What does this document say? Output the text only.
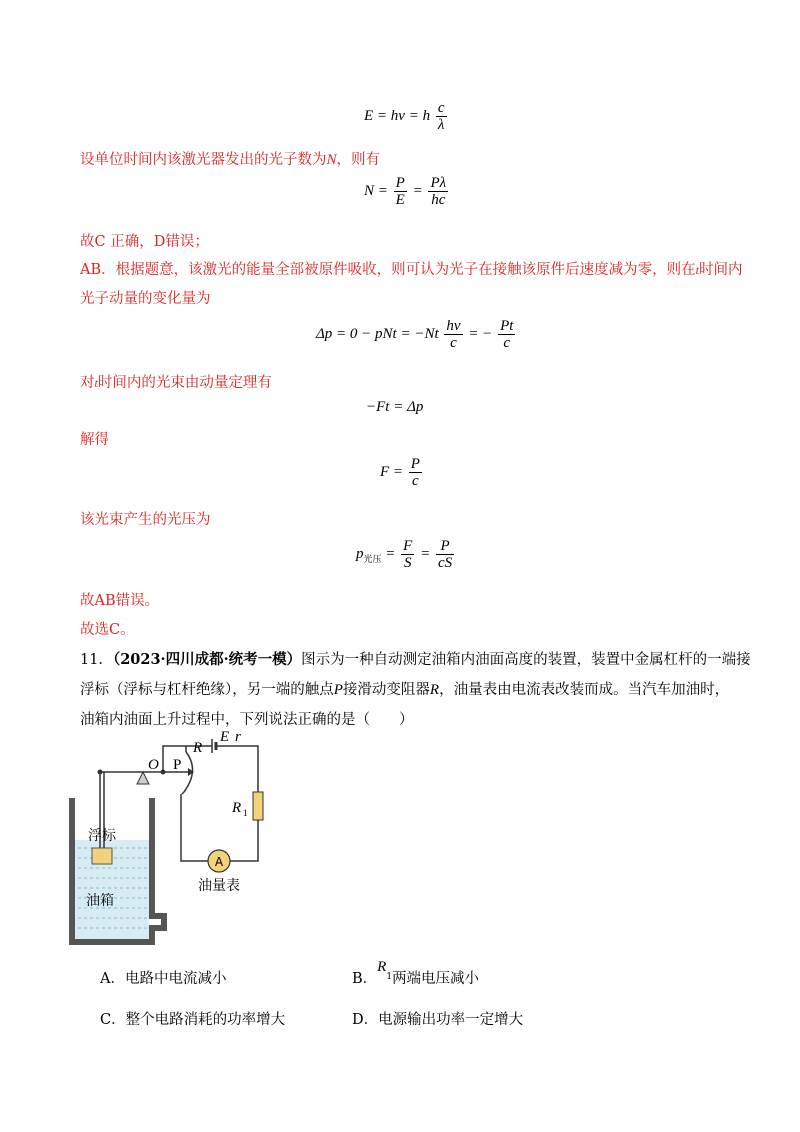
E = hν = h $\frac{c}{\lambda}$
设单位时间内该激光器发出的光子数为N，则有
$N = \frac{P}{E} = \frac{P\lambda}{hc}$
故C 正确，D错误；
AB．根据题意，该激光的能量全部被原件吸收，则可认为光子在接触该原件后速度减为零，则在t时间内
光子动量的变化量为
Δp = 0 − pNt = $-Nt \frac{h\nu}{c}$ = − $\frac{Pt}{c}$
对t时间内的光束由动量定理有
−Ft = Δp
解得
$F = \frac{P}{c}$
该光束产生的光压为
$p_{光压} = \frac{F}{S} = \frac{P}{cS}$
故AB错误。
故选C。
11．（2023·四川成都·统考一模）图示为一种自动测定油箱内油面高度的装置，装置中金属杠杆的一端接
浮标（浮标与杠杆绝缘），另一端的触点P接滑动变阻器R，油量表由电流表改装而成。当汽车加油时，
油箱内油面上升过程中，下列说法正确的是（　　）
A
E r
O P
R
R 1
油量表
浮标
油箱
A．电路中电流减小	B．$R^1$两端电压减小
C．整个电路消耗的功率增大	D．电源输出功率一定增大
